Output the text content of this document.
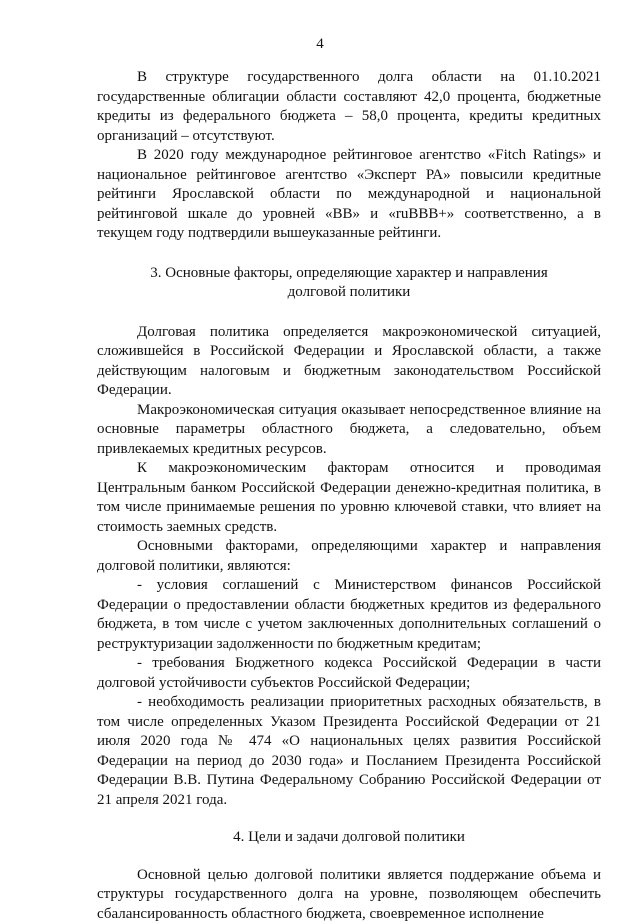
4

В структуре государственного долга области на 01.10.2021 государственные облигации области составляют 42,0 процента, бюджетные кредиты из федерального бюджета – 58,0 процента, кредиты кредитных организаций – отсутствуют.

В 2020 году международное рейтинговое агентство «Fitch Ratings» и национальное рейтинговое агентство «Эксперт РА» повысили кредитные рейтинги Ярославской области по международной и национальной рейтинговой шкале до уровней «BB» и «ruBBB+» соответственно, а в текущем году подтвердили вышеуказанные рейтинги.

3. Основные факторы, определяющие характер и направления

долговой политики

Долговая политика определяется макроэкономической ситуацией, сложившейся в Российской Федерации и Ярославской области, а также действующим налоговым и бюджетным законодательством Российской Федерации.

Макроэкономическая ситуация оказывает непосредственное влияние на основные параметры областного бюджета, а следовательно, объем привлекаемых кредитных ресурсов.

К макроэкономическим факторам относится и проводимая Центральным банком Российской Федерации денежно-кредитная политика, в том числе принимаемые решения по уровню ключевой ставки, что влияет на стоимость заемных средств.

Основными факторами, определяющими характер и направления долговой политики, являются:

- условия соглашений с Министерством финансов Российской Федерации о предоставлении области бюджетных кредитов из федерального бюджета, в том числе с учетом заключенных дополнительных соглашений о реструктуризации задолженности по бюджетным кредитам;

- требования Бюджетного кодекса Российской Федерации в части долговой устойчивости субъектов Российской Федерации;

- необходимость реализации приоритетных расходных обязательств, в том числе определенных Указом Президента Российской Федерации от 21 июля 2020 года № 474 «О национальных целях развития Российской Федерации на период до 2030 года» и Посланием Президента Российской Федерации В.В. Путина Федеральному Собранию Российской Федерации от 21 апреля 2021 года.

4. Цели и задачи долговой политики

Основной целью долговой политики является поддержание объема и структуры государственного долга на уровне, позволяющем обеспечить сбалансированность областного бюджета, своевременное исполнение
